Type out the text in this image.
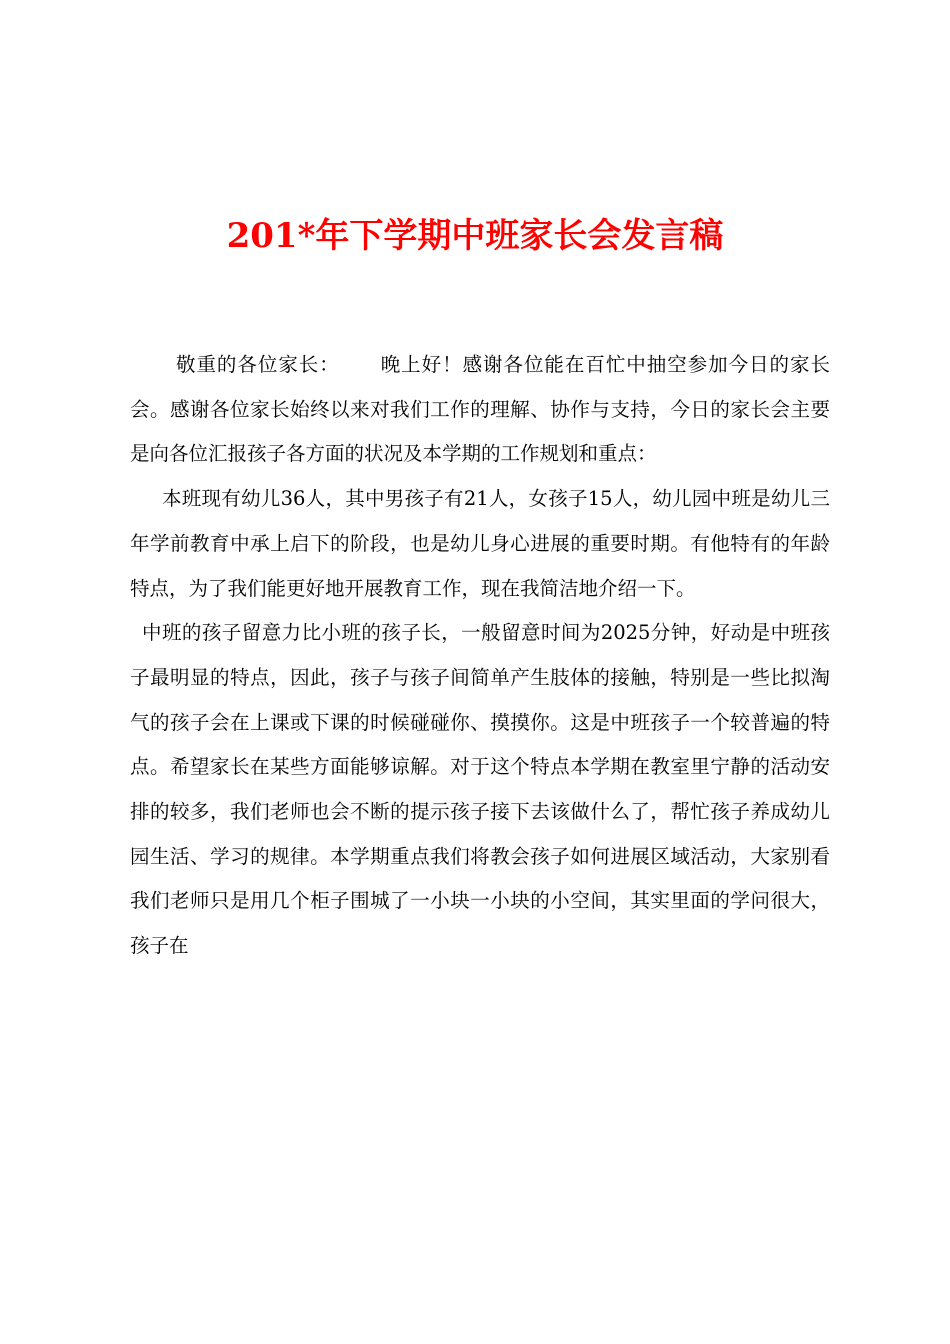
201*年下学期中班家长会发言稿

敬重的各位家长： 晚上好！感谢各位能在百忙中抽空参加今日的家长会。感谢各位家长始终以来对我们工作的理解、协作与支持，今日的家长会主要是向各位汇报孩子各方面的状况及本学期的工作规划和重点：

本班现有幼儿36人，其中男孩子有21人，女孩子15人，幼儿园中班是幼儿三年学前教育中承上启下的阶段，也是幼儿身心进展的重要时期。有他特有的年龄特点，为了我们能更好地开展教育工作，现在我简洁地介绍一下。

中班的孩子留意力比小班的孩子长，一般留意时间为2025分钟，好动是中班孩子最明显的特点，因此，孩子与孩子间简单产生肢体的接触，特别是一些比拟淘气的孩子会在上课或下课的时候碰碰你、摸摸你。这是中班孩子一个较普遍的特点。希望家长在某些方面能够谅解。对于这个特点本学期在教室里宁静的活动安排的较多，我们老师也会不断的提示孩子接下去该做什么了，帮忙孩子养成幼儿园生活、学习的规律。本学期重点我们将教会孩子如何进展区域活动，大家别看我们老师只是用几个柜子围城了一小块一小块的小空间，其实里面的学问很大，孩子在
